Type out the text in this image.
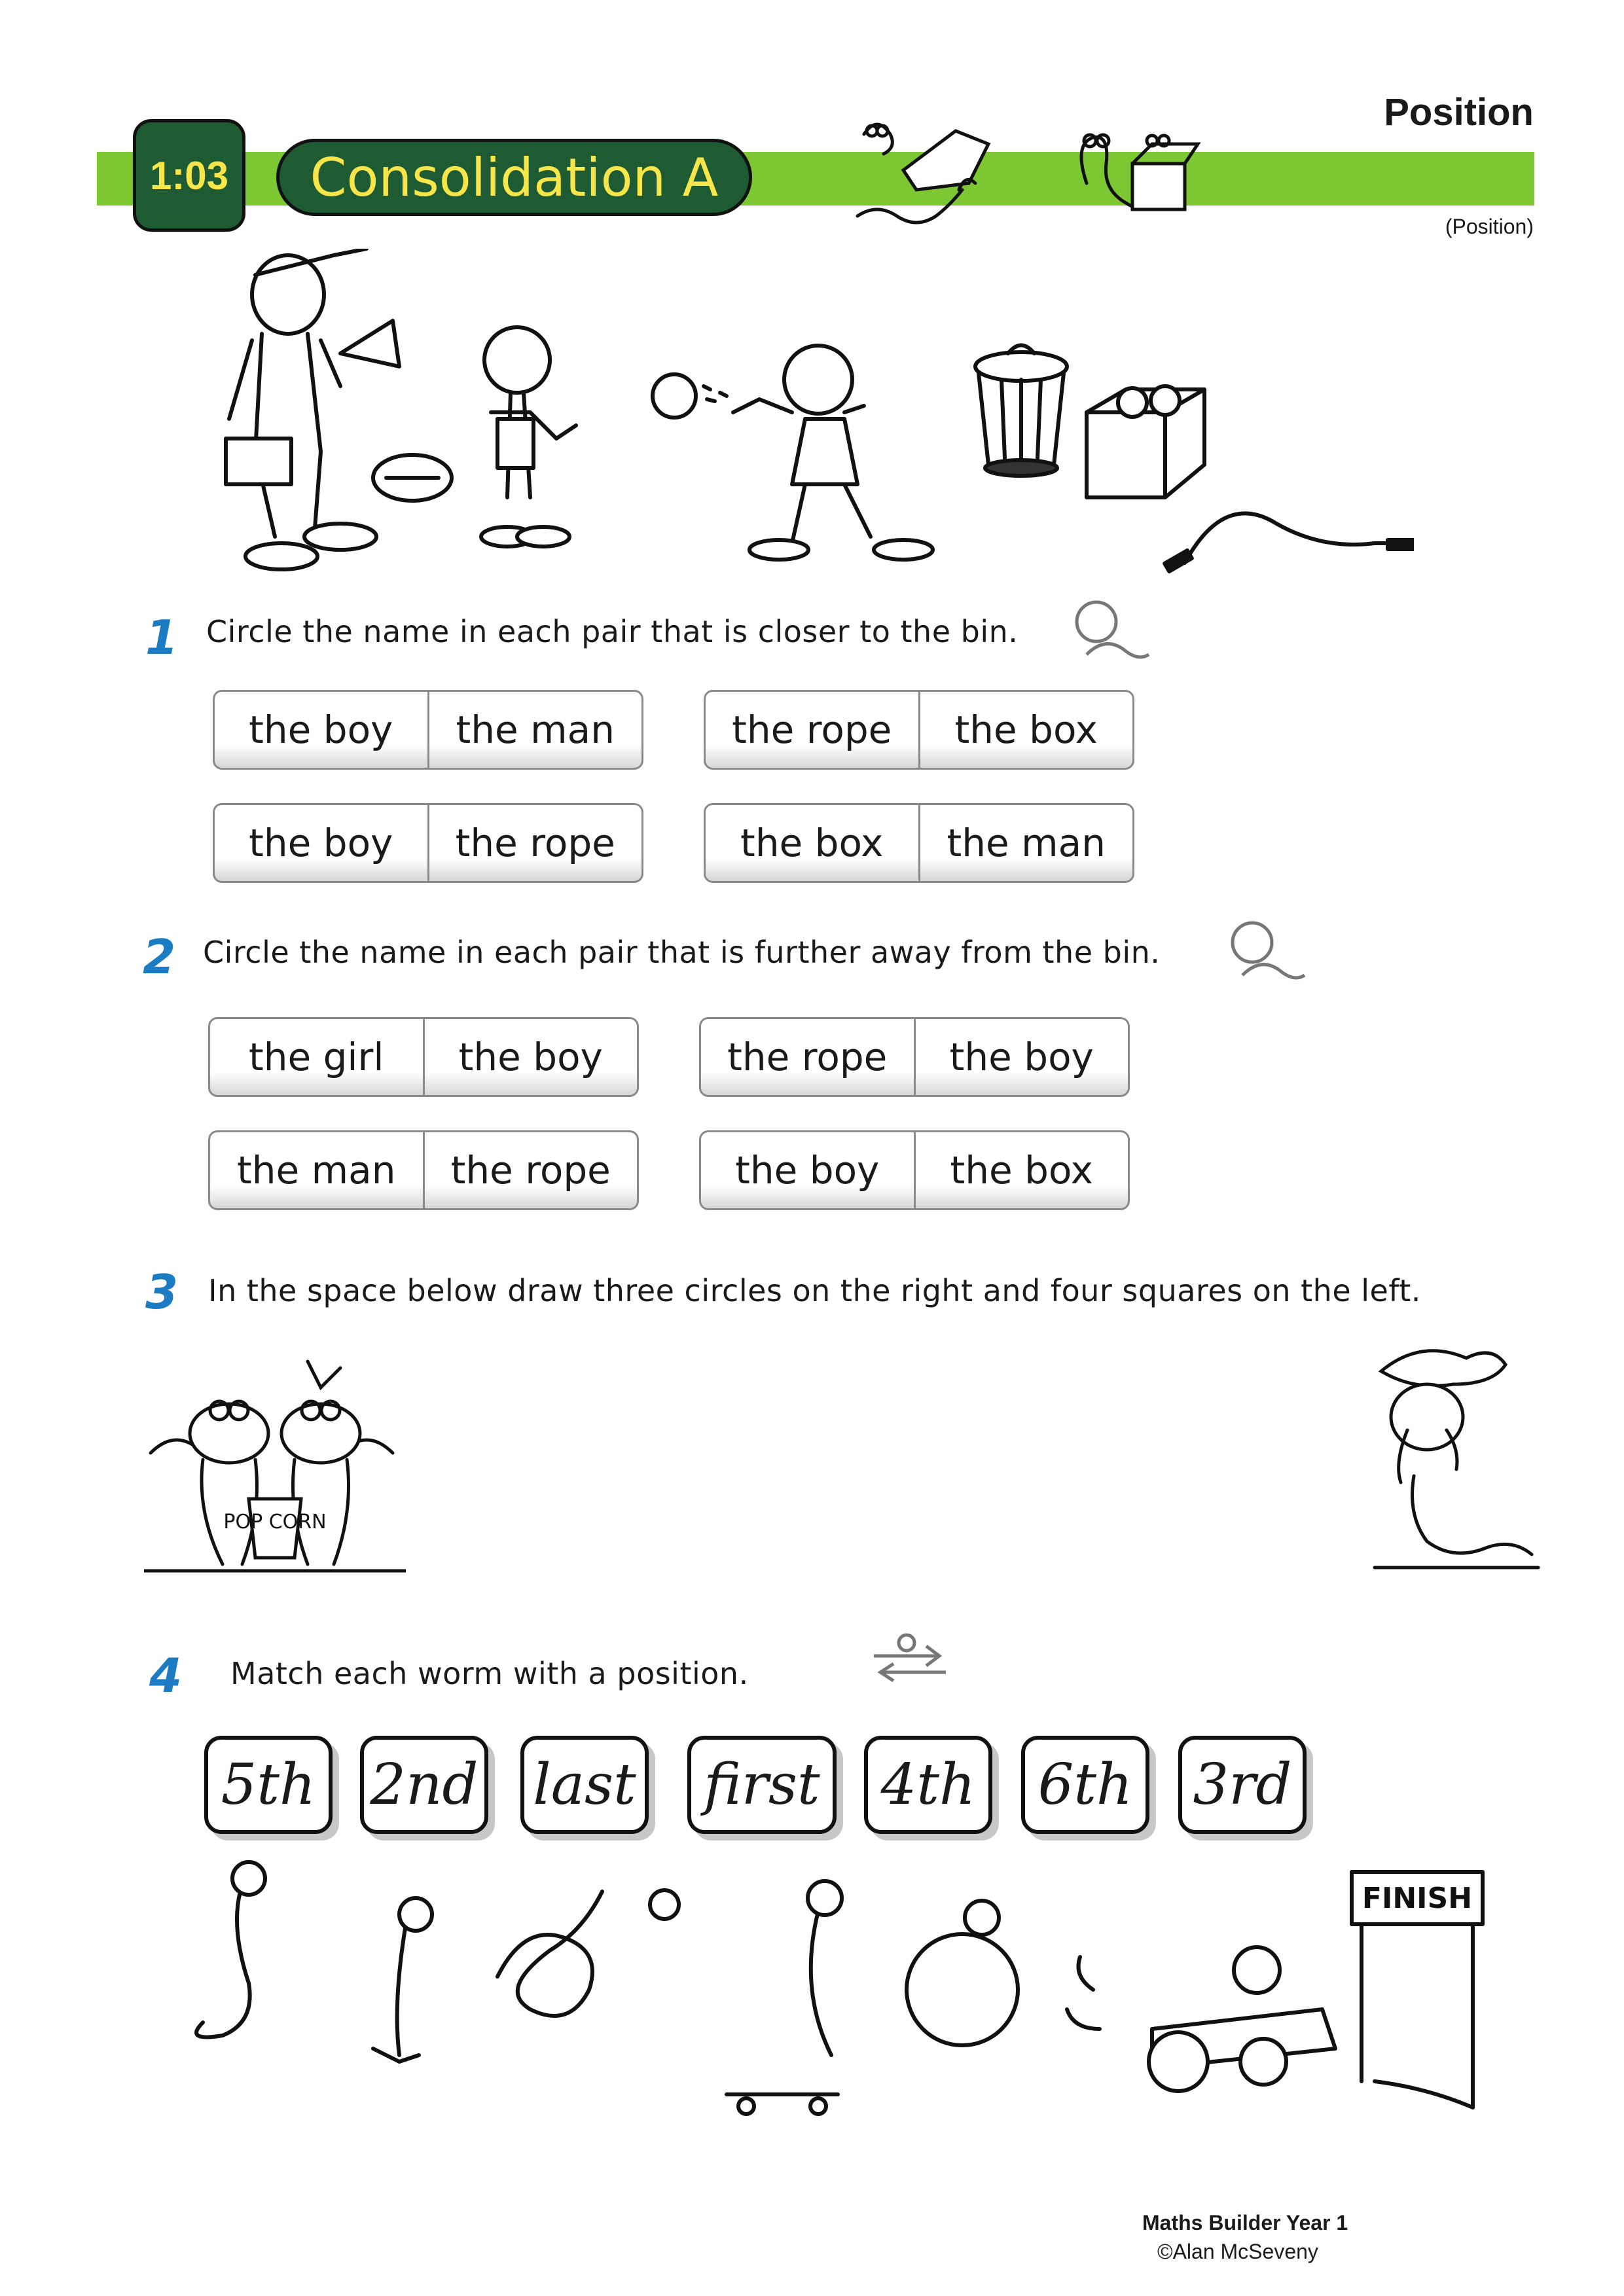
Position
1:03	Consolidation A
(Position)
1 Circle the name in each pair that is closer to the bin.
the boy	the man	the rope	the box
the boy	the rope	the box	the man
2 Circle the name in each pair that is further away from the bin.
the girl	the boy	the rope	the boy
the man	the rope	the boy	the box
3 In the space below draw three circles on the right and four squares on the left.
POP CORN
4 Match each worm with a position.
5th 2nd last first 4th 6th 3rd
FINISH
Maths Builder Year 1
©Alan McSeveny
